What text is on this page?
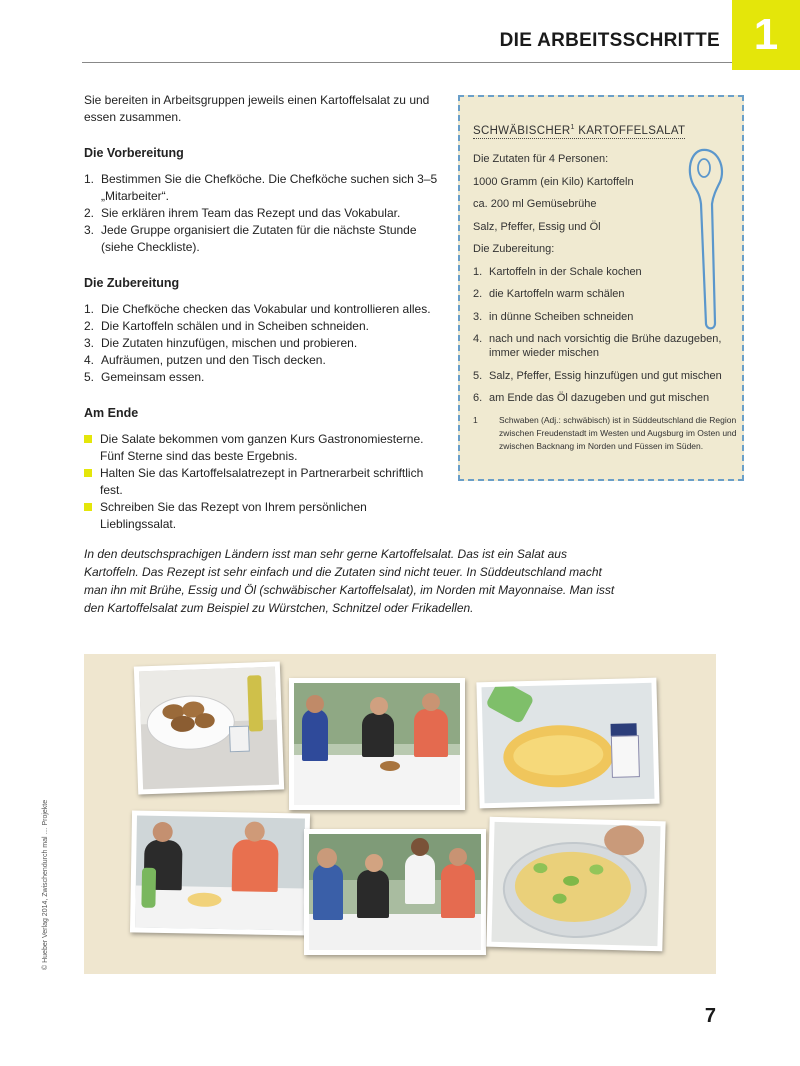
DIE ARBEITSSCHRITTE 1

Sie bereiten in Arbeitsgruppen jeweils einen Kartoffelsalat zu und essen zusammen.

Die Vorbereitung
1. Bestimmen Sie die Chefköche. Die Chefköche suchen sich 3–5 „Mitarbeiter“.
2. Sie erklären ihrem Team das Rezept und das Vokabular.
3. Jede Gruppe organisiert die Zutaten für die nächste Stunde (siehe Checkliste).
Die Zubereitung
1. Die Chefköche checken das Vokabular und kontrollieren alles.
2. Die Kartoffeln schälen und in Scheiben schneiden.
3. Die Zutaten hinzufügen, mischen und probieren.
4. Aufräumen, putzen und den Tisch decken.
5. Gemeinsam essen.
Am Ende
Die Salate bekommen vom ganzen Kurs Gastronomiesterne. Fünf Sterne sind das beste Ergebnis.
Halten Sie das Kartoffelsalatrezept in Partnerarbeit schriftlich fest.
Schreiben Sie das Rezept von Ihrem persönlichen Lieblingssalat.
SCHWÄBISCHER$^1$ KARTOFFELSALAT
Die Zutaten für 4 Personen:
1000 Gramm (ein Kilo) Kartoffeln
ca. 200 ml Gemüsebrühe
Salz, Pfeffer, Essig und Öl
Die Zubereitung:
1. Kartoffeln in der Schale kochen
2. die Kartoffeln warm schälen
3. in dünne Scheiben schneiden
4. nach und nach vorsichtig die Brühe dazugeben, immer wieder mischen
5. Salz, Pfeffer, Essig hinzufügen und gut mischen
6. am Ende das Öl dazugeben und gut mischen
1	Schwaben (Adj.: schwäbisch) ist in Süddeutschland die Region zwischen Freudenstadt im Westen und Augsburg im Osten und zwischen Backnang im Norden und Füssen im Süden.
In den deutschsprachigen Ländern isst man sehr gerne Kartoffelsalat. Das ist ein Salat aus Kartoffeln. Das Rezept ist sehr einfach und die Zutaten sind nicht teuer. In Süddeutschland macht man ihn mit Brühe, Essig und Öl (schwäbischer Kartoffelsalat), im Norden mit Mayonnaise. Man isst den Kartoffelsalat zum Beispiel zu Würstchen, Schnitzel oder Frikadellen.
© Hueber Verlag 2014, Zwischendurch mal … Projekte
7
